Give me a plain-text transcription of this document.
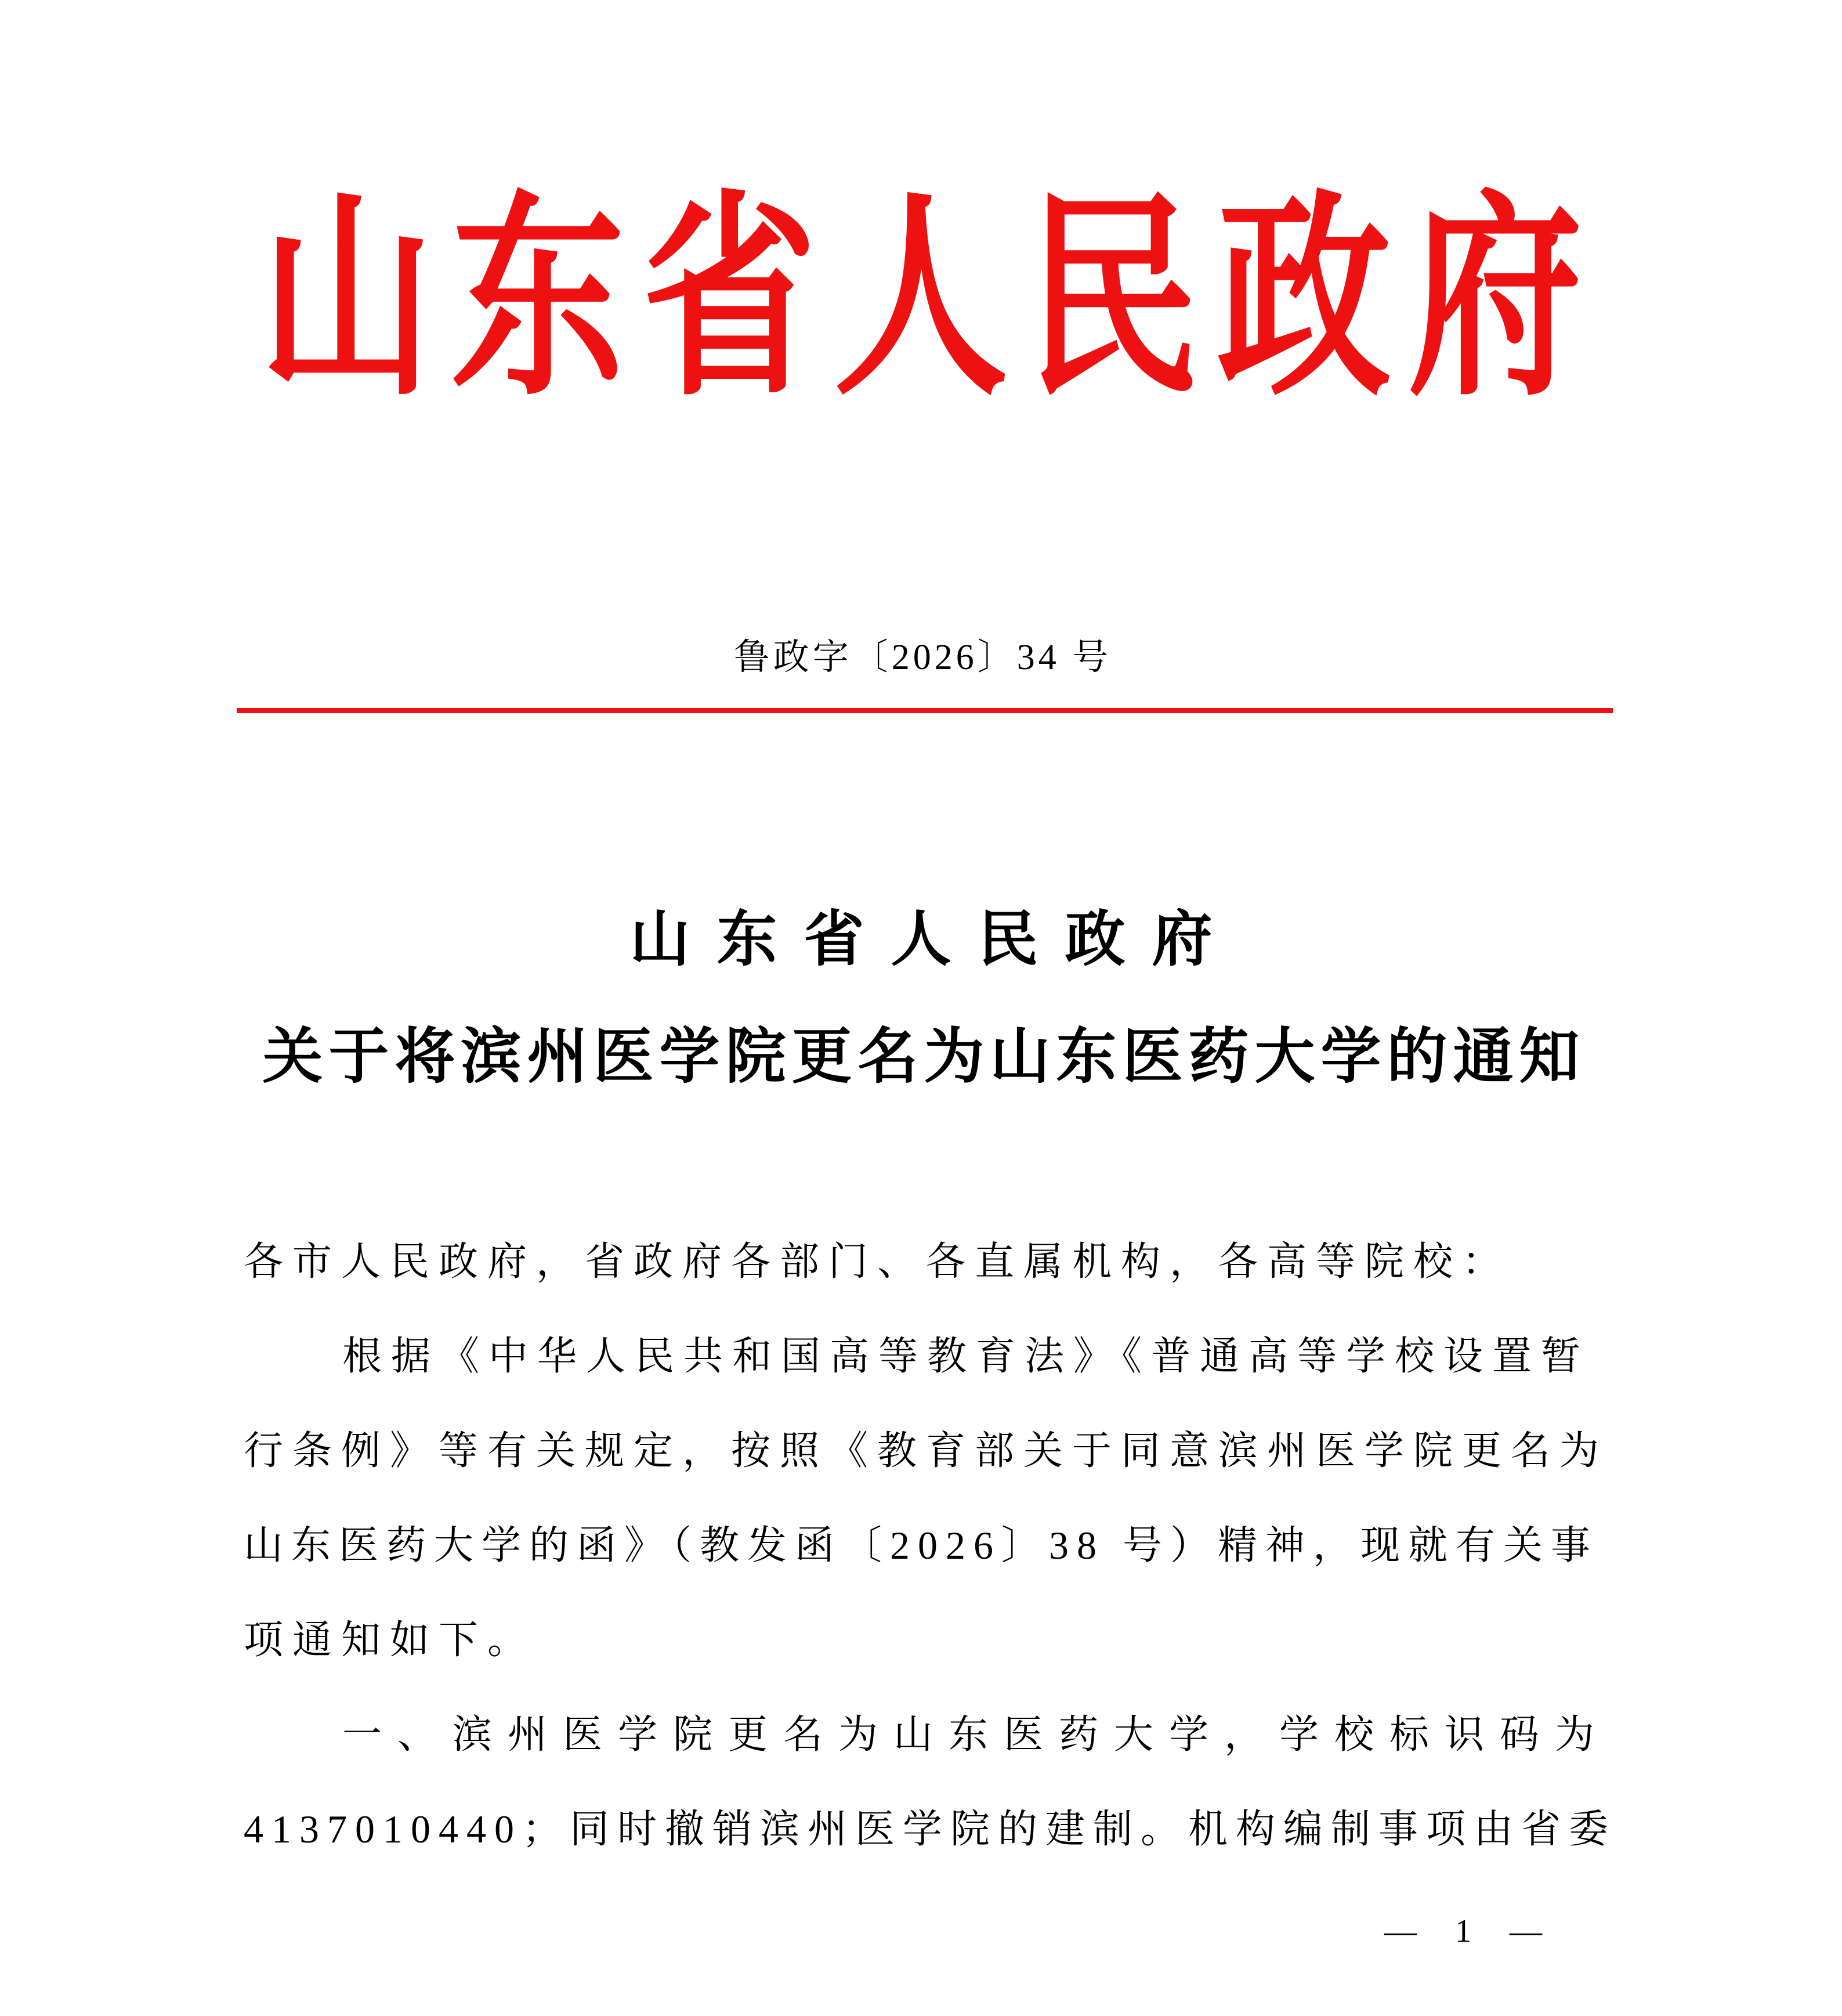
山东省人民政府
鲁政字〔2026〕34 号
山东省人民政府
关于将滨州医学院更名为山东医药大学的通知
各市人民政府，省政府各部门、各直属机构，各高等院校：
根据《中华人民共和国高等教育法》《普通高等学校设置暂
行条例》等有关规定，按照《教育部关于同意滨州医学院更名为
山东医药大学的函》（教发函〔2026〕38 号）精神，现就有关事
项通知如下。
一、滨州医学院更名为山东医药大学，学校标识码为
4137010440；同时撤销滨州医学院的建制。机构编制事项由省委
— 1 —
